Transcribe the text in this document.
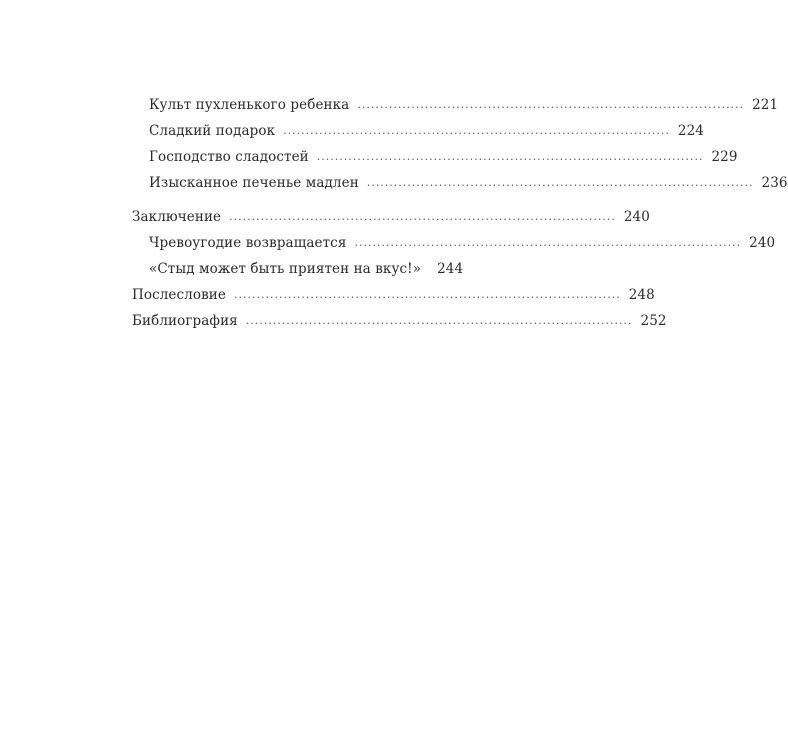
Культ пухленького ребенка ...................................................................................... 221
Сладкий подарок ...................................................................................... 224
Господство сладостей ...................................................................................... 229
Изысканное печенье мадлен ...................................................................................... 236
Заключение ...................................................................................... 240
Чревоугодие возвращается ...................................................................................... 240
«Стыд может быть приятен на вкус!»	244
Послесловие ...................................................................................... 248
Библиография ...................................................................................... 252
